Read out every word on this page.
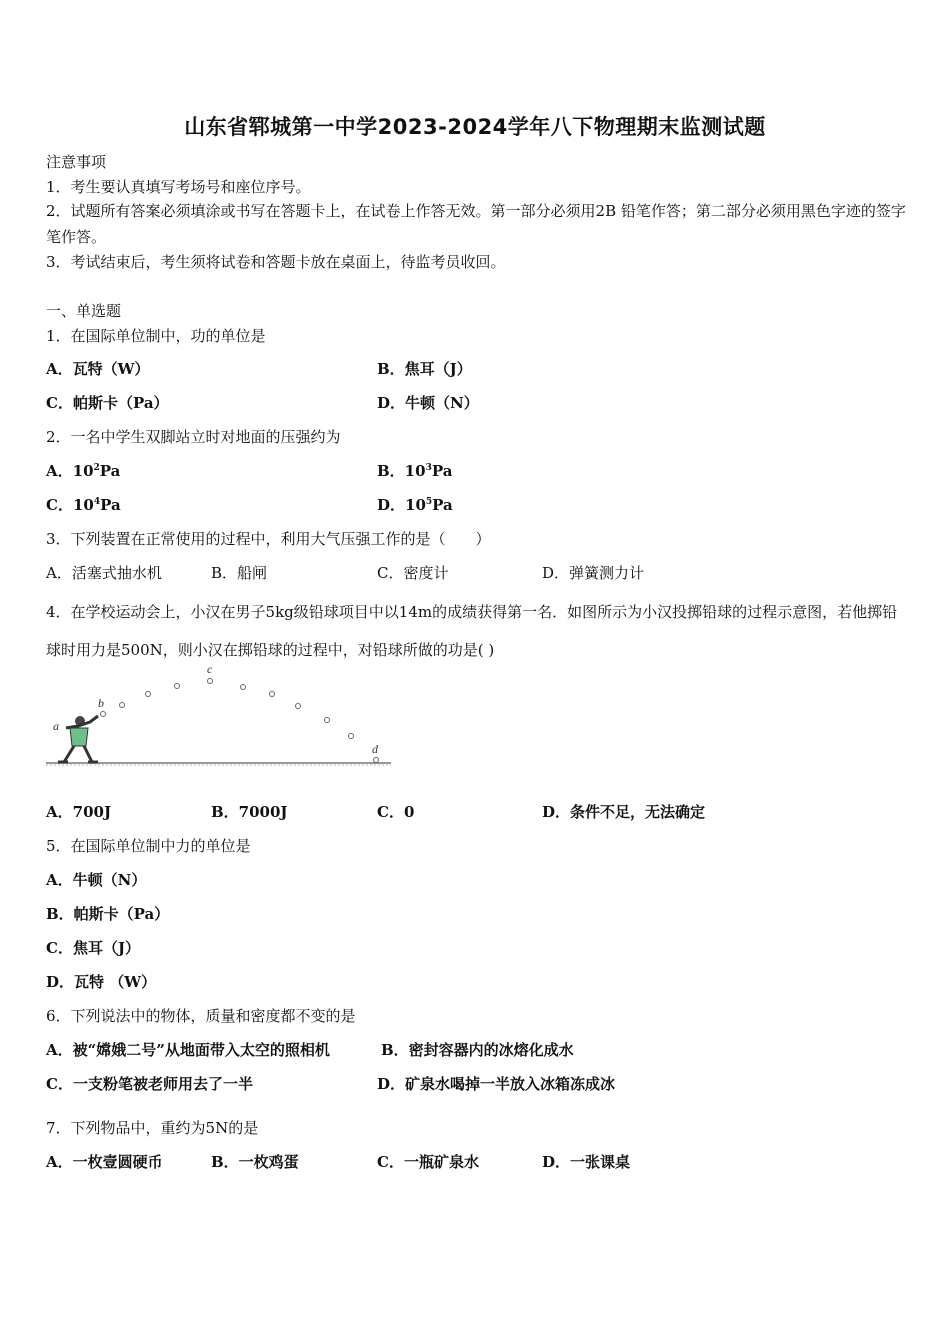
山东省郓城第一中学2023-2024学年八下物理期末监测试题
注意事项
1．考生要认真填写考场号和座位序号。
2．试题所有答案必须填涂或书写在答题卡上，在试卷上作答无效。第一部分必须用2B 铅笔作答；第二部分必须用黑色字迹的签字笔作答。
3．考试结束后，考生须将试卷和答题卡放在桌面上，待监考员收回。
一、单选题
1．在国际单位制中，功的单位是
A．瓦特（W）	B．焦耳（J）
C．帕斯卡（Pa）	D．牛顿（N）
2．一名中学生双脚站立时对地面的压强约为
A．$10^2Pa$	B．$10^3Pa$
C．$10^4Pa$	D．$10^5Pa$
3．下列装置在正常使用的过程中，利用大气压强工作的是（　　）
A．活塞式抽水机	B．船闸	C．密度计	D．弹簧测力计
4．在学校运动会上，小汉在男子5kg级铅球项目中以14m的成绩获得第一名．如图所示为小汉投掷铅球的过程示意图，若他掷铅球时用力是500N，则小汉在掷铅球的过程中，对铅球所做的功是( )
a
b
c
d
A．700J	B．7000J	C．0	D．条件不足，无法确定
5．在国际单位制中力的单位是
A．牛顿（N）
B．帕斯卡（Pa）
C．焦耳（J）
D．瓦特 （W）
6．下列说法中的物体，质量和密度都不变的是
A．被“嫦娥二号”从地面带入太空的照相机	B．密封容器内的冰熔化成水
C．一支粉笔被老师用去了一半	D．矿泉水喝掉一半放入冰箱冻成冰
7．下列物品中，重约为5N的是
A．一枚壹圆硬币	B．一枚鸡蛋	C．一瓶矿泉水	D．一张课桌
